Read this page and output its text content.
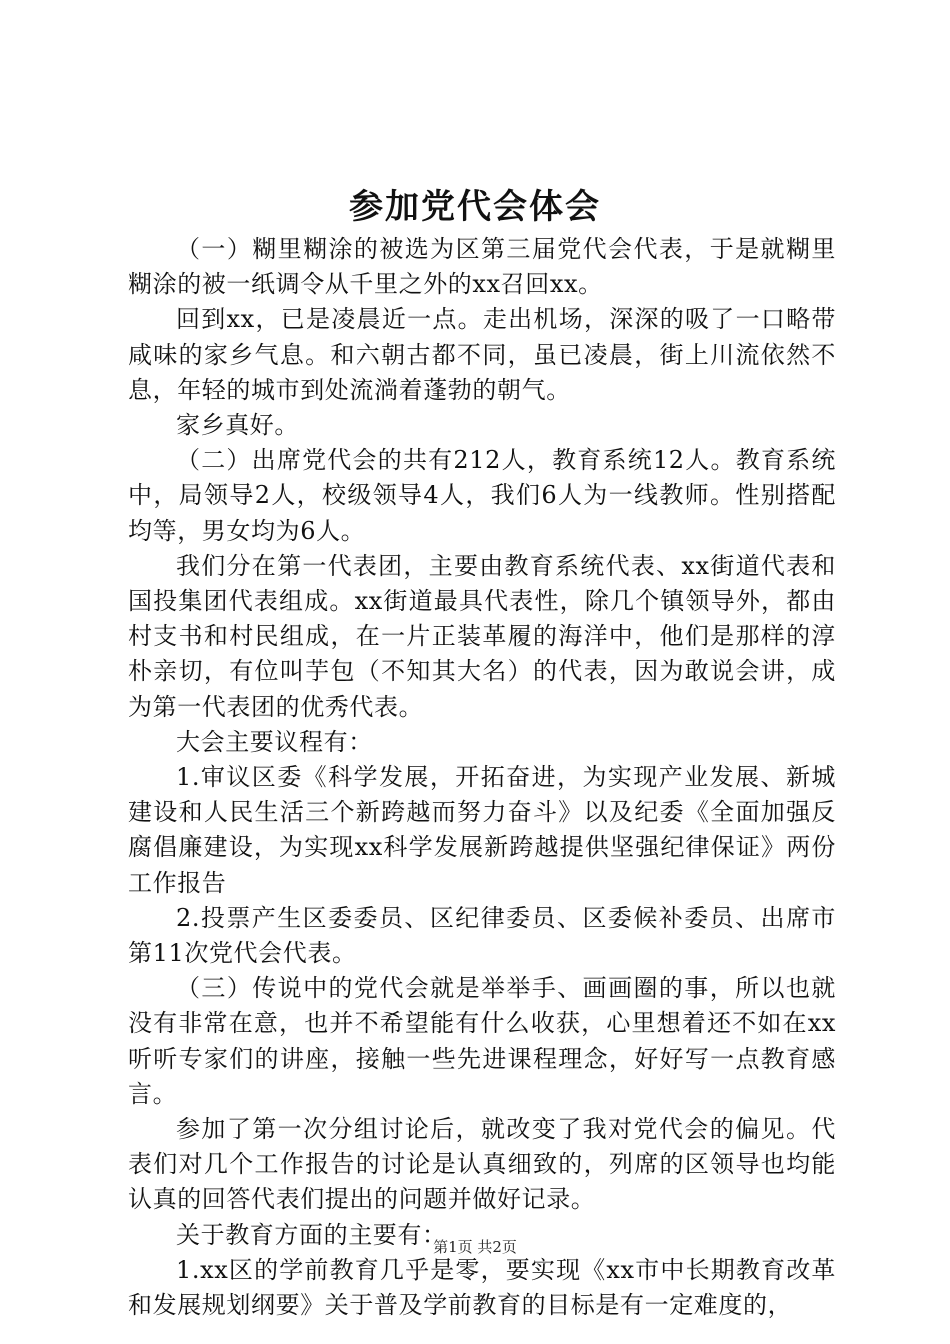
参加党代会体会

（一）糊里糊涂的被选为区第三届党代会代表，于是就糊里糊涂的被一纸调令从千里之外的xx召回xx。

回到xx，已是凌晨近一点。走出机场，深深的吸了一口略带咸味的家乡气息。和六朝古都不同，虽已凌晨，街上川流依然不息，年轻的城市到处流淌着蓬勃的朝气。

家乡真好。

（二）出席党代会的共有212人，教育系统12人。教育系统中，局领导2人，校级领导4人，我们6人为一线教师。性别搭配均等，男女均为6人。

我们分在第一代表团，主要由教育系统代表、xx街道代表和国投集团代表组成。xx街道最具代表性，除几个镇领导外，都由村支书和村民组成，在一片正装革履的海洋中，他们是那样的淳朴亲切，有位叫芋包（不知其大名）的代表，因为敢说会讲，成为第一代表团的优秀代表。

大会主要议程有：

1.审议区委《科学发展，开拓奋进，为实现产业发展、新城建设和人民生活三个新跨越而努力奋斗》以及纪委《全面加强反腐倡廉建设，为实现xx科学发展新跨越提供坚强纪律保证》两份工作报告

2.投票产生区委委员、区纪律委员、区委候补委员、出席市第11次党代会代表。

（三）传说中的党代会就是举举手、画画圈的事，所以也就没有非常在意，也并不希望能有什么收获，心里想着还不如在xx听听专家们的讲座，接触一些先进课程理念，好好写一点教育感言。

参加了第一次分组讨论后，就改变了我对党代会的偏见。代表们对几个工作报告的讨论是认真细致的，列席的区领导也均能认真的回答代表们提出的问题并做好记录。

关于教育方面的主要有：

1.xx区的学前教育几乎是零，要实现《xx市中长期教育改革和发展规划纲要》关于普及学前教育的目标是有一定难度的，

第1页 共2页
